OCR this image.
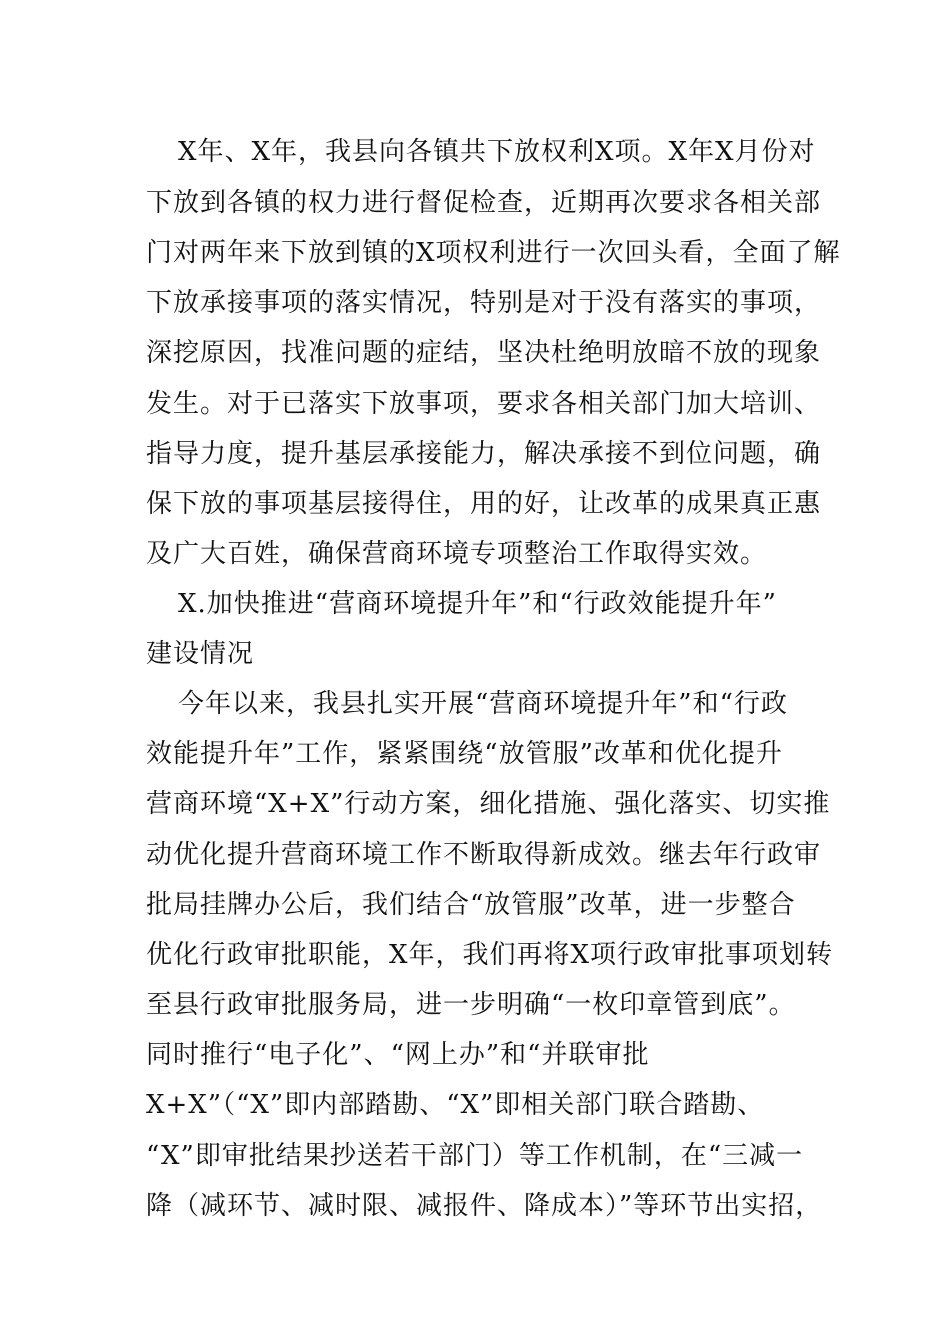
X年、X年，我县向各镇共下放权利X项。X年X月份对
下放到各镇的权力进行督促检查，近期再次要求各相关部
门对两年来下放到镇的X项权利进行一次回头看，全面了解
下放承接事项的落实情况，特别是对于没有落实的事项，
深挖原因，找准问题的症结，坚决杜绝明放暗不放的现象
发生。对于已落实下放事项，要求各相关部门加大培训、
指导力度，提升基层承接能力，解决承接不到位问题，确
保下放的事项基层接得住，用的好，让改革的成果真正惠
及广大百姓，确保营商环境专项整治工作取得实效。
X.加快推进“营商环境提升年”和“行政效能提升年”
建设情况
今年以来，我县扎实开展“营商环境提升年”和“行政
效能提升年”工作，紧紧围绕“放管服”改革和优化提升
营商环境“X+X”行动方案，细化措施、强化落实、切实推
动优化提升营商环境工作不断取得新成效。继去年行政审
批局挂牌办公后，我们结合“放管服”改革，进一步整合
优化行政审批职能，X年，我们再将X项行政审批事项划转
至县行政审批服务局，进一步明确“一枚印章管到底”。
同时推行“电子化”、“网上办”和“并联审批
X+X”（“X”即内部踏勘、“X”即相关部门联合踏勘、
“X”即审批结果抄送若干部门）等工作机制，在“三减一
降（减环节、减时限、减报件、降成本）”等环节出实招，
